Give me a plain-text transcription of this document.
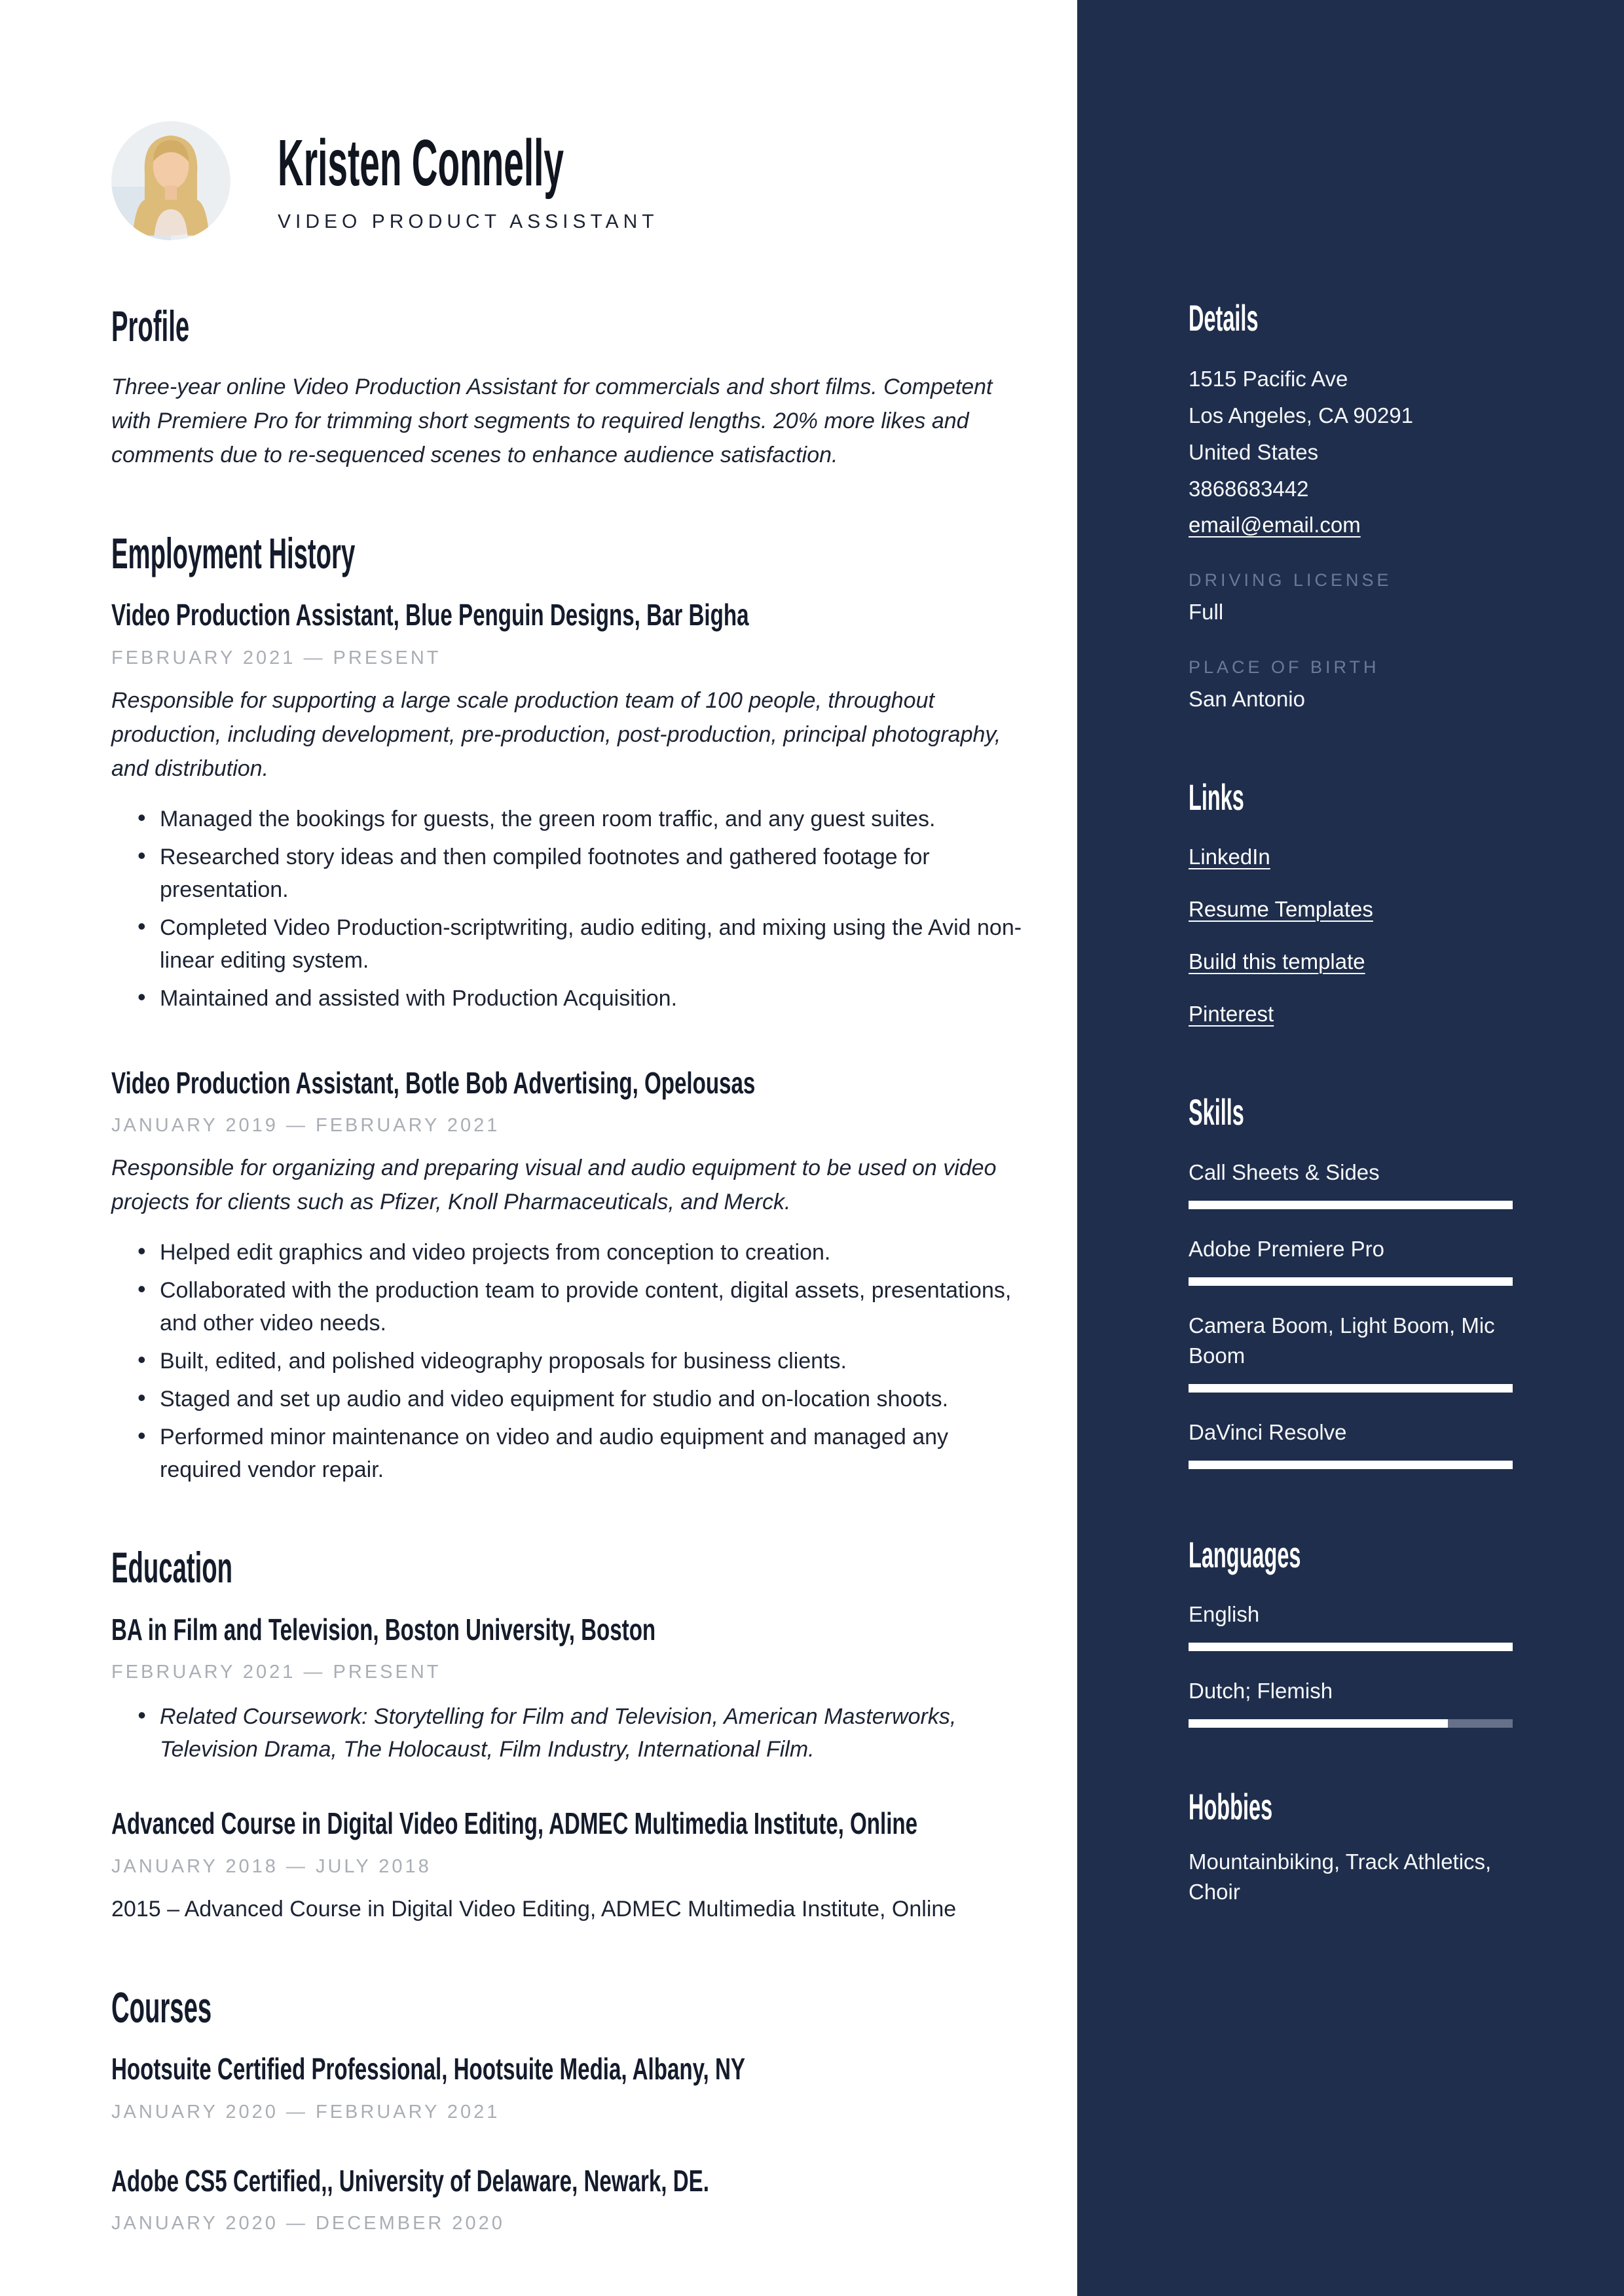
Details
1515 Pacific Ave
Los Angeles, CA 90291
United States
3868683442
email@email.com
DRIVING LICENSE
Full
PLACE OF BIRTH
San Antonio
Links
LinkedIn
Resume Templates
Build this template
Pinterest
Skills
Call Sheets & Sides
Adobe Premiere Pro
Camera Boom, Light Boom, Mic Boom
DaVinci Resolve
Languages
English
Dutch; Flemish
Hobbies
Mountainbiking, Track Athletics, Choir
Kristen Connelly
VIDEO PRODUCT ASSISTANT
Profile

Three-year online Video Production Assistant for commercials and short films. Competent with Premiere Pro for trimming short segments to required lengths. 20% more likes and comments due to re-sequenced scenes to enhance audience satisfaction.

Employment History
Video Production Assistant, Blue Penguin Designs, Bar Bigha
FEBRUARY 2021 — PRESENT

Responsible for supporting a large scale production team of 100 people, throughout production, including development, pre-production, post-production, principal photography, and distribution.

• Managed the bookings for guests, the green room traffic, and any guest suites.
• Researched story ideas and then compiled footnotes and gathered footage for presentation.
• Completed Video Production-scriptwriting, audio editing, and mixing using the Avid non-linear editing system.
• Maintained and assisted with Production Acquisition.
Video Production Assistant, Botle Bob Advertising, Opelousas
JANUARY 2019 — FEBRUARY 2021

Responsible for organizing and preparing visual and audio equipment to be used on video projects for clients such as Pfizer, Knoll Pharmaceuticals, and Merck.

• Helped edit graphics and video projects from conception to creation.
• Collaborated with the production team to provide content, digital assets, presentations, and other video needs.
• Built, edited, and polished videography proposals for business clients.
• Staged and set up audio and video equipment for studio and on-location shoots.
• Performed minor maintenance on video and audio equipment and managed any required vendor repair.
Education
BA in Film and Television, Boston University, Boston
FEBRUARY 2021 — PRESENT
• Related Coursework: Storytelling for Film and Television, American Masterworks, Television Drama, The Holocaust, Film Industry, International Film.
Advanced Course in Digital Video Editing, ADMEC Multimedia Institute, Online
JANUARY 2018 — JULY 2018

2015 – Advanced Course in Digital Video Editing, ADMEC Multimedia Institute, Online

Courses
Hootsuite Certified Professional, Hootsuite Media, Albany, NY
JANUARY 2020 — FEBRUARY 2021
Adobe CS5 Certified,, University of Delaware, Newark, DE.
JANUARY 2020 — DECEMBER 2020
